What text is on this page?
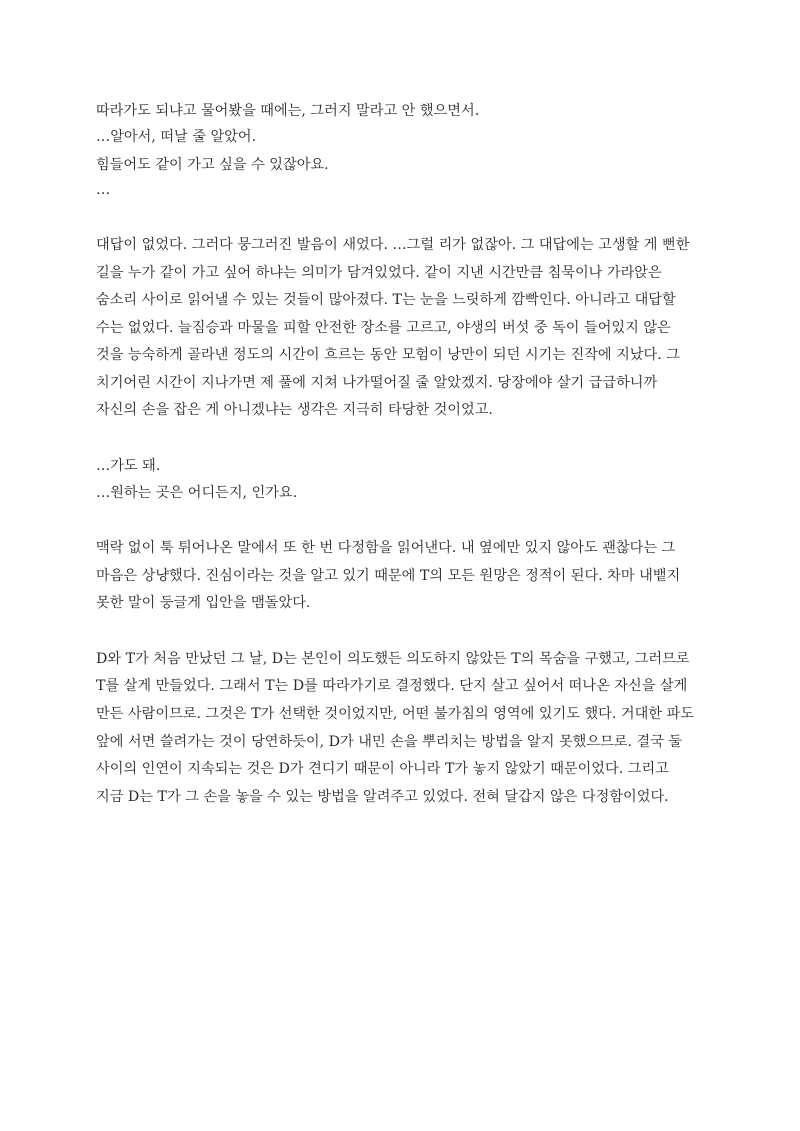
따라가도 되냐고 물어봤을 때에는, 그러지 말라고 안 했으면서.
…알아서, 떠날 줄 알았어.
힘들어도 같이 가고 싶을 수 있잖아요.
…
대답이 없었다. 그러다 뭉그러진 발음이 새었다. …그럴 리가 없잖아. 그 대답에는 고생할 게 뻔한
길을 누가 같이 가고 싶어 하냐는 의미가 담겨있었다. 같이 지낸 시간만큼 침묵이나 가라앉은
숨소리 사이로 읽어낼 수 있는 것들이 많아졌다. T는 눈을 느릿하게 깜빡인다. 아니라고 대답할
수는 없었다. 늘짐승과 마물을 피할 안전한 장소를 고르고, 야생의 버섯 중 독이 들어있지 않은
것을 능숙하게 골라낸 정도의 시간이 흐르는 동안 모험이 낭만이 되던 시기는 진작에 지났다. 그
치기어린 시간이 지나가면 제 풀에 지쳐 나가떨어질 줄 알았겠지. 당장에야 살기 급급하니까
자신의 손을 잡은 게 아니겠냐는 생각은 지극히 타당한 것이었고.
…가도 돼.
…원하는 곳은 어디든지, 인가요.
맥락 없이 툭 튀어나온 말에서 또 한 번 다정함을 읽어낸다. 내 옆에만 있지 않아도 괜찮다는 그
마음은 상냥했다. 진심이라는 것을 알고 있기 때문에 T의 모든 원망은 정적이 된다. 차마 내뱉지
못한 말이 둥글게 입안을 맴돌았다.
D와 T가 처음 만났던 그 날, D는 본인이 의도했든 의도하지 않았든 T의 목숨을 구했고, 그러므로
T를 살게 만들었다. 그래서 T는 D를 따라가기로 결정했다. 단지 살고 싶어서 떠나온 자신을 살게
만든 사람이므로. 그것은 T가 선택한 것이었지만, 어떤 불가침의 영역에 있기도 했다. 거대한 파도
앞에 서면 쓸려가는 것이 당연하듯이, D가 내민 손을 뿌리치는 방법을 알지 못했으므로. 결국 둘
사이의 인연이 지속되는 것은 D가 견디기 때문이 아니라 T가 놓지 않았기 때문이었다. 그리고
지금 D는 T가 그 손을 놓을 수 있는 방법을 알려주고 있었다. 전혀 달갑지 않은 다정함이었다.
